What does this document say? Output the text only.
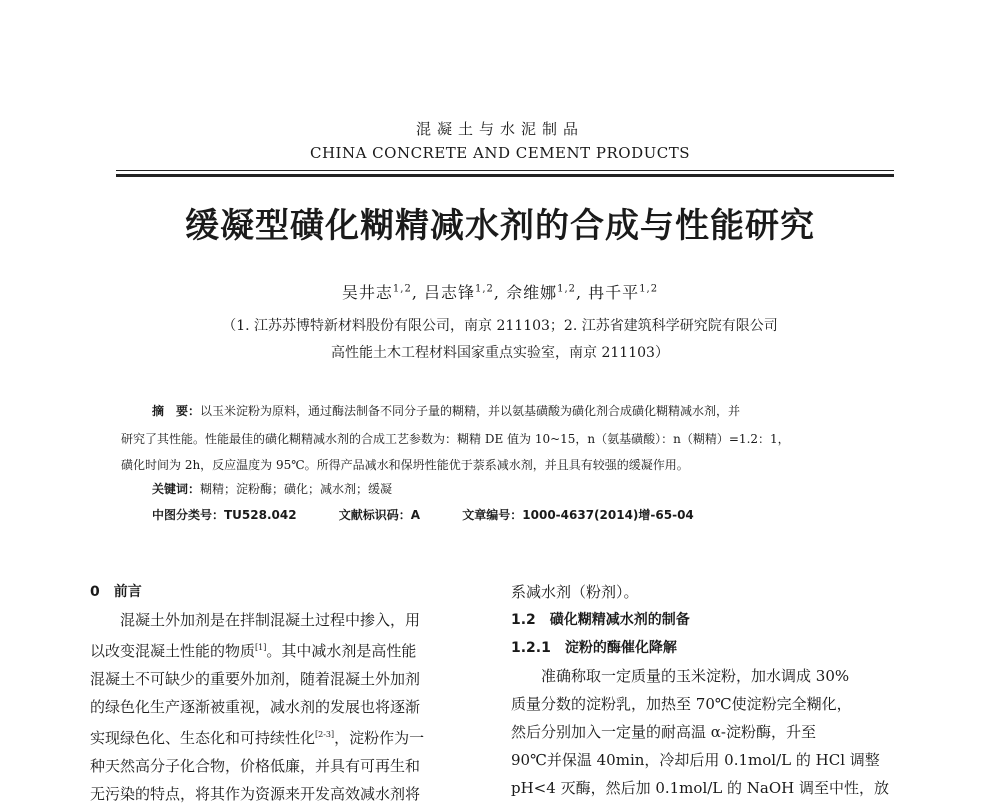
混凝土与水泥制品
CHINA CONCRETE AND CEMENT PRODUCTS
缓凝型磺化糊精减水剂的合成与性能研究
吴井志$^{1,2}$, 吕志锋$^{1,2}$, 佘维娜$^{1,2}$, 冉千平$^{1,2}$
（1. 江苏苏博特新材料股份有限公司，南京 211103；2. 江苏省建筑科学研究院有限公司
高性能土木工程材料国家重点实验室，南京 211103）
摘　要：以玉米淀粉为原料，通过酶法制备不同分子量的糊精，并以氨基磺酸为磺化剂合成磺化糊精减水剂，并
研究了其性能。性能最佳的磺化糊精减水剂的合成工艺参数为：糊精 DE 值为 10~15，n（氨基磺酸）：n（糊精）=1.2：1，
磺化时间为 2h，反应温度为 95℃。所得产品减水和保坍性能优于萘系减水剂，并且具有较强的缓凝作用。
关键词：糊精；淀粉酶；磺化；减水剂；缓凝
中图分类号：TU528.042	文献标识码：A	文章编号：1000-4637(2014)增-65-04
0　前言
混凝土外加剂是在拌制混凝土过程中掺入，用
以改变混凝土性能的物质[1]。其中减水剂是高性能
混凝土不可缺少的重要外加剂，随着混凝土外加剂
的绿色化生产逐渐被重视，减水剂的发展也将逐渐
实现绿色化、生态化和可持续性化[2-3]，淀粉作为一
种天然高分子化合物，价格低廉，并具有可再生和
无污染的特点，将其作为资源来开发高效减水剂将
系减水剂（粉剂）。
1.2　磺化糊精减水剂的制备
1.2.1　淀粉的酶催化降解
准确称取一定质量的玉米淀粉，加水调成 30%
质量分数的淀粉乳，加热至 70℃使淀粉完全糊化，
然后分别加入一定量的耐高温 α-淀粉酶，升至
90℃并保温 40min，冷却后用 0.1mol/L 的 HCl 调整
pH<4 灭酶，然后加 0.1mol/L 的 NaOH 调至中性，放
